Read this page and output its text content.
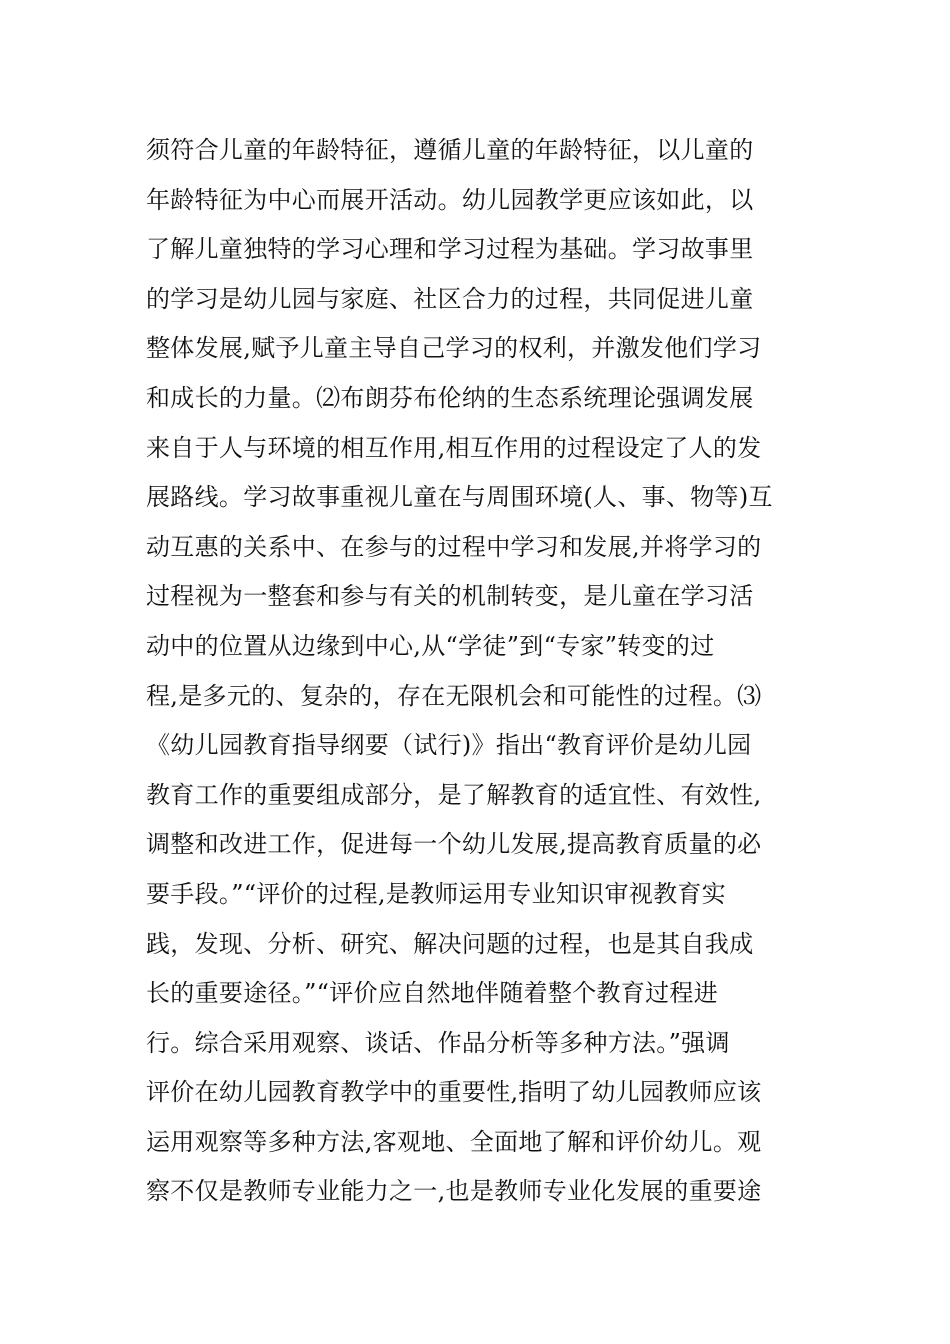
须符合儿童的年龄特征，遵循儿童的年龄特征，以儿童的
年龄特征为中心而展开活动。幼儿园教学更应该如此，以
了解儿童独特的学习心理和学习过程为基础。学习故事里
的学习是幼儿园与家庭、社区合力的过程，共同促进儿童
整体发展,赋予儿童主导自己学习的权利，并激发他们学习
和成长的力量。⑵布朗芬布伦纳的生态系统理论强调发展
来自于人与环境的相互作用,相互作用的过程设定了人的发
展路线。学习故事重视儿童在与周围环境(人、事、物等)互
动互惠的关系中、在参与的过程中学习和发展,并将学习的
过程视为一整套和参与有关的机制转变，是儿童在学习活
动中的位置从边缘到中心,从“学徒”到“专家”转变的过
程,是多元的、复杂的，存在无限机会和可能性的过程。⑶
《幼儿园教育指导纲要（试行)》指出“教育评价是幼儿园
教育工作的重要组成部分，是了解教育的适宜性、有效性,
调整和改进工作，促进每一个幼儿发展,提高教育质量的必
要手段。”“评价的过程,是教师运用专业知识审视教育实
践，发现、分析、研究、解决问题的过程，也是其自我成
长的重要途径。”“评价应自然地伴随着整个教育过程进
行。综合采用观察、谈话、作品分析等多种方法。”强调
评价在幼儿园教育教学中的重要性,指明了幼儿园教师应该
运用观察等多种方法,客观地、全面地了解和评价幼儿。观
察不仅是教师专业能力之一,也是教师专业化发展的重要途
